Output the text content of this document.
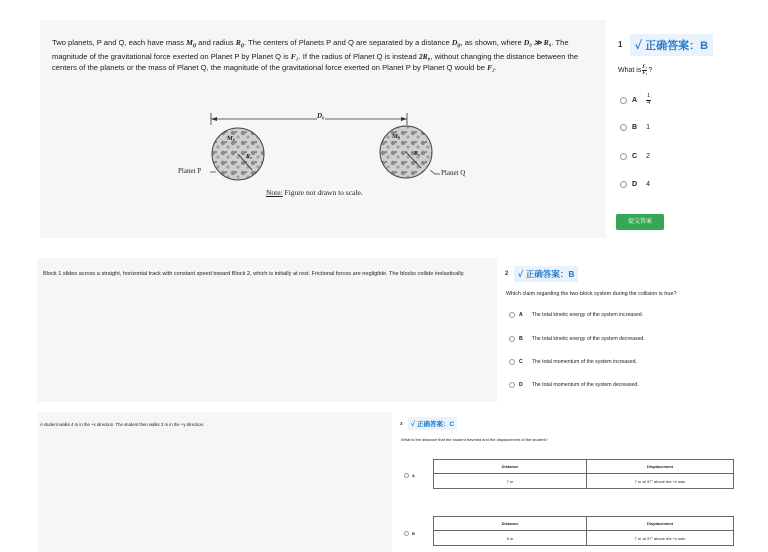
Two planets, P and Q, each have mass $M_0$ and radius $R_0$. The centers of Planets P and Q are separated by a distance $D_0$, as shown, where D₀ ≫ R₀. The magnitude of the gravitational force exerted on Planet P by Planet Q is F₁. If the radius of Planet Q is instead 2R₀, without changing the distance between the centers of the planets or the mass of Planet Q, the magnitude of the gravitational force exerted on Planet P by Planet Q would be F₂.
D₀
M₀
R₀
M₀
R₀
Planet P	Planet Q
Note: Figure not drawn to scale.
1	✓ 正确答案：B
What is F₂
F₁ ?
A
1
4
B 1
C 2
D 4
提交答案
Block 1 slides across a straight, horizontal track with constant speed toward Block 2, which is initially at rest. Frictional forces are negligible. The blocks collide inelastically.	2	✓ 正确答案：B
Which claim regarding the two-block system during the collision is true?
A The total kinetic energy of the system increased.
B The total kinetic energy of the system decreased.
C The total momentum of the system increased.
D The total momentum of the system decreased.
A student walks 4 m in the +x direction. The student then walks 3 m in the +y direction.	3	✓ 正确答案：C
What is the distance that the student traveled and the displacement of the student?
A
Distance	Displacement
7 m	7 m at 37° above the +x axis
B
Distance	Displacement
5 m	7 m at 37° above the +x axis
